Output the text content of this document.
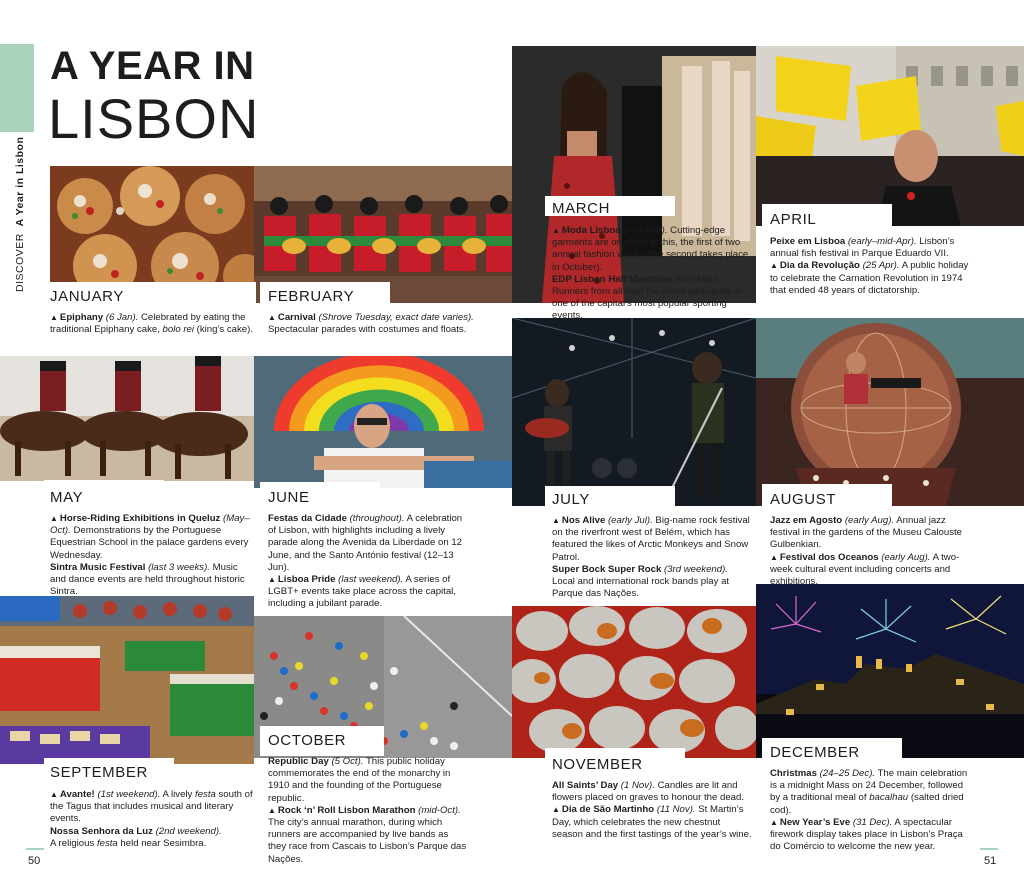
A YEAR IN
LISBON
DISCOVER  A Year in Lisbon
JANUARY

▲ Epiphany (6 Jan). Celebrated by eating the traditional Epiphany cake, bolo rei (king’s cake).

FEBRUARY

▲ Carnival (Shrove Tuesday, exact date varies).
Spectacular parades with costumes and floats.

MARCH

▲ Moda Lisboa (mid-Mar). Cutting-edge garments are on show at this, the first of two annual fashion weeks (the second takes place in October).

EDP Lisbon Half Marathon (mid-Mar). Runners from all over the world participate in one of the capital’s most popular sporting events.

APRIL

Peixe em Lisboa (early–mid-Apr). Lisbon’s annual fish festival in Parque Eduardo VII.

▲ Dia da Revolução (25 Apr). A public holiday to celebrate the Carnation Revolution in 1974 that ended 48 years of dictatorship.

MAY

▲ Horse-Riding Exhibitions in Queluz (May–Oct). Demonstrations by the Portuguese Equestrian School in the palace gardens every Wednesday.

Sintra Music Festival (last 3 weeks). Music and dance events are held throughout historic Sintra.

JUNE

Festas da Cidade (throughout). A celebration of Lisbon, with highlights including a lively parade along the Avenida da Liberdade on 12 June, and the Santo António festival (12–13 Jun).

▲ Lisboa Pride (last weekend). A series of LGBT+ events take place across the capital, including a jubilant parade.

JULY

▲ Nos Alive (early Jul). Big-name rock festival on the riverfront west of Belém, which has featured the likes of Arctic Monkeys and Snow Patrol.

Super Bock Super Rock (3rd weekend).
Local and international rock bands play at Parque das Nações.

AUGUST

Jazz em Agosto (early Aug). Annual jazz festival in the gardens of the Museu Calouste Gulbenkian.

▲ Festival dos Oceanos (early Aug). A two-week cultural event including concerts and exhibitions.

SEPTEMBER

▲ Avante! (1st weekend). A lively festa south of the Tagus that includes musical and literary events.

Nossa Senhora da Luz (2nd weekend).
A religious festa held near Sesimbra.

OCTOBER

Republic Day (5 Oct). This public holiday commemorates the end of the monarchy in 1910 and the founding of the Portuguese republic.

▲ Rock ‘n’ Roll Lisbon Marathon (mid-Oct). The city’s annual marathon, during which runners are accompanied by live bands as they race from Cascais to Lisbon’s Parque das Nações.

NOVEMBER

All Saints’ Day (1 Nov). Candles are lit and flowers placed on graves to honour the dead.

▲ Dia de São Martinho (11 Nov). St Martin’s Day, which celebrates the new chestnut season and the first tastings of the year’s wine.

DECEMBER

Christmas (24–25 Dec). The main celebration is a midnight Mass on 24 December, followed by a traditional meal of bacalhau (salted dried cod).

▲ New Year’s Eve (31 Dec). A spectacular firework display takes place in Lisbon’s Praça do Comércio to welcome the new year.

50	51
